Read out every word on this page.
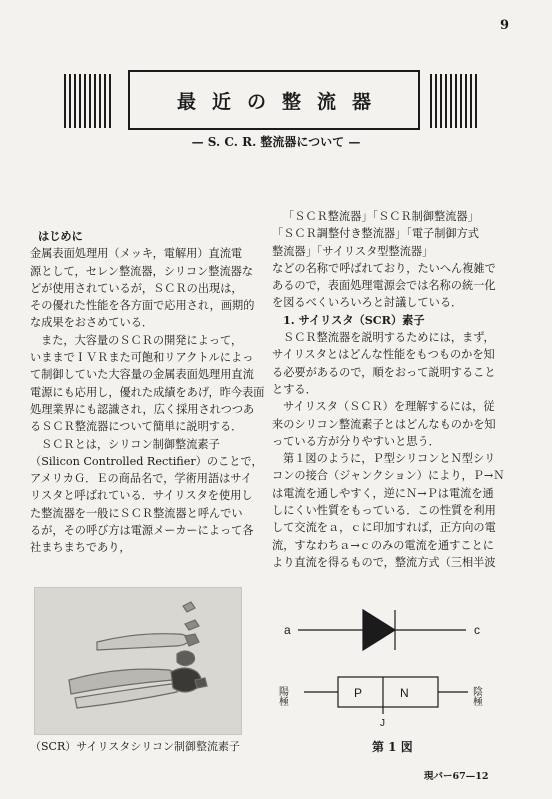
9
最近の整流器
— S. C. R. 整流器について —
はじめに
金属表面処理用（メッキ，電解用）直流電
源として，セレン整流器，シリコン整流器な
どが使用されているが，ＳＣＲの出現は，
その優れた性能を各方面で応用され，画期的
な成果をおさめている．
また，大容量のＳＣＲの開発によって，
いままでＩＶＲまた可飽和リアクトルによっ
て制御していた大容量の金属表面処理用直流
電源にも応用し，優れた成績をあげ，昨今表面
処理業界にも認識され，広く採用されつつあ
るＳＣＲ整流器について簡単に説明する．
ＳＣＲとは，シリコン制御整流素子
（Silicon Controlled Rectifier）のことで，
アメリカＧ．Ｅの商品名で，学術用語はサイ
リスタと呼ばれている．サイリスタを使用し
た整流器を一般にＳＣＲ整流器と呼んでい
るが，その呼び方は電源メーカーによって各
社まちまちであり，
「ＳＣＲ整流器」「ＳＣＲ制御整流器」
「ＳＣＲ調整付き整流器」「電子制御方式
整流器」「サイリスタ型整流器」
などの名称で呼ばれており，たいへん複雑で
あるので，表面処理電源会では名称の統一化
を図るべくいろいろと討議している．
1. サイリスタ（SCR）素子
ＳＣＲ整流器を説明するためには，まず，
サイリスタとはどんな性能をもつものかを知
る必要があるので，順をおって説明すること
とする．
サイリスタ（ＳＣＲ）を理解するには，従
来のシリコン整流素子とはどんなものかを知
っている方が分りやすいと思う．
第１図のように，Ｐ型シリコンとＮ型シリ
コンの接合（ジャンクション）により，Ｐ→Ｎ
は電流を通しやすく，逆にＮ→Ｐは電流を通
しにくい性質をもっている．この性質を利用
して交流をａ，ｃに印加すれば，正方向の電
流，すなわちａ→ｃのみの電流を通すことに
より直流を得るもので，整流方式（三相半波
（SCR）サイリスタシリコン制御整流素子
a	c
P	N
J
陽極	陰極
第 1 図
現バー67—12
